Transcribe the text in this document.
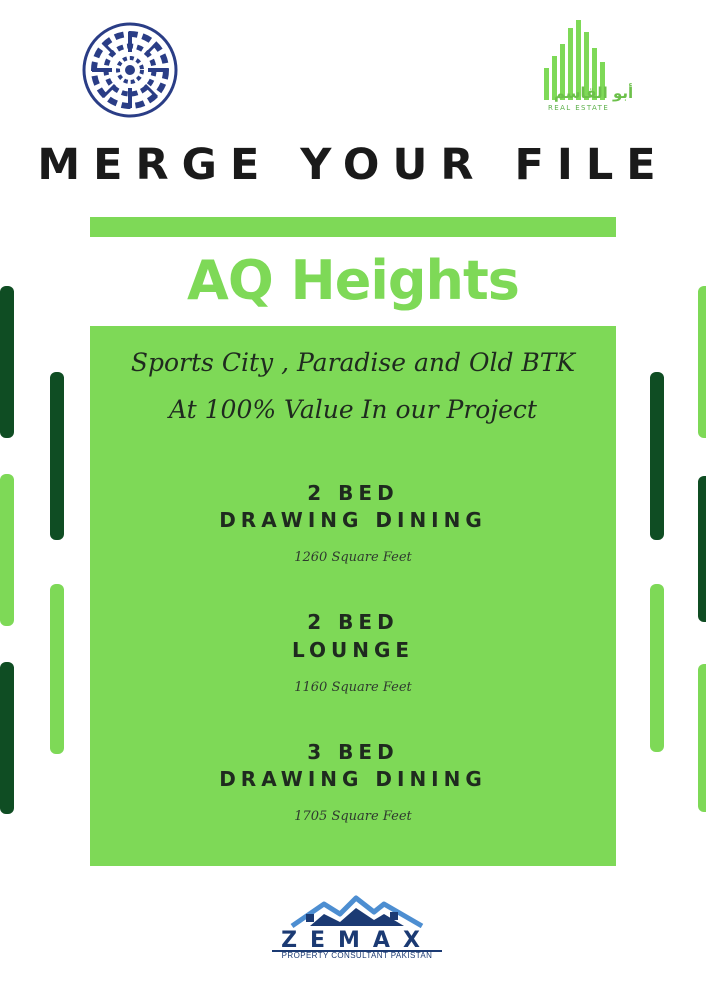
أبو القاسم
REAL ESTATE
MERGE YOUR FILE
AQ Heights
Sports City , Paradise and Old BTK
At 100% Value In our Project
2 BED
DRAWING DINING
1260 Square Feet
2 BED
LOUNGE
1160 Square Feet
3 BED
DRAWING DINING
1705 Square Feet
ZEMAX
PROPERTY CONSULTANT PAKISTAN
